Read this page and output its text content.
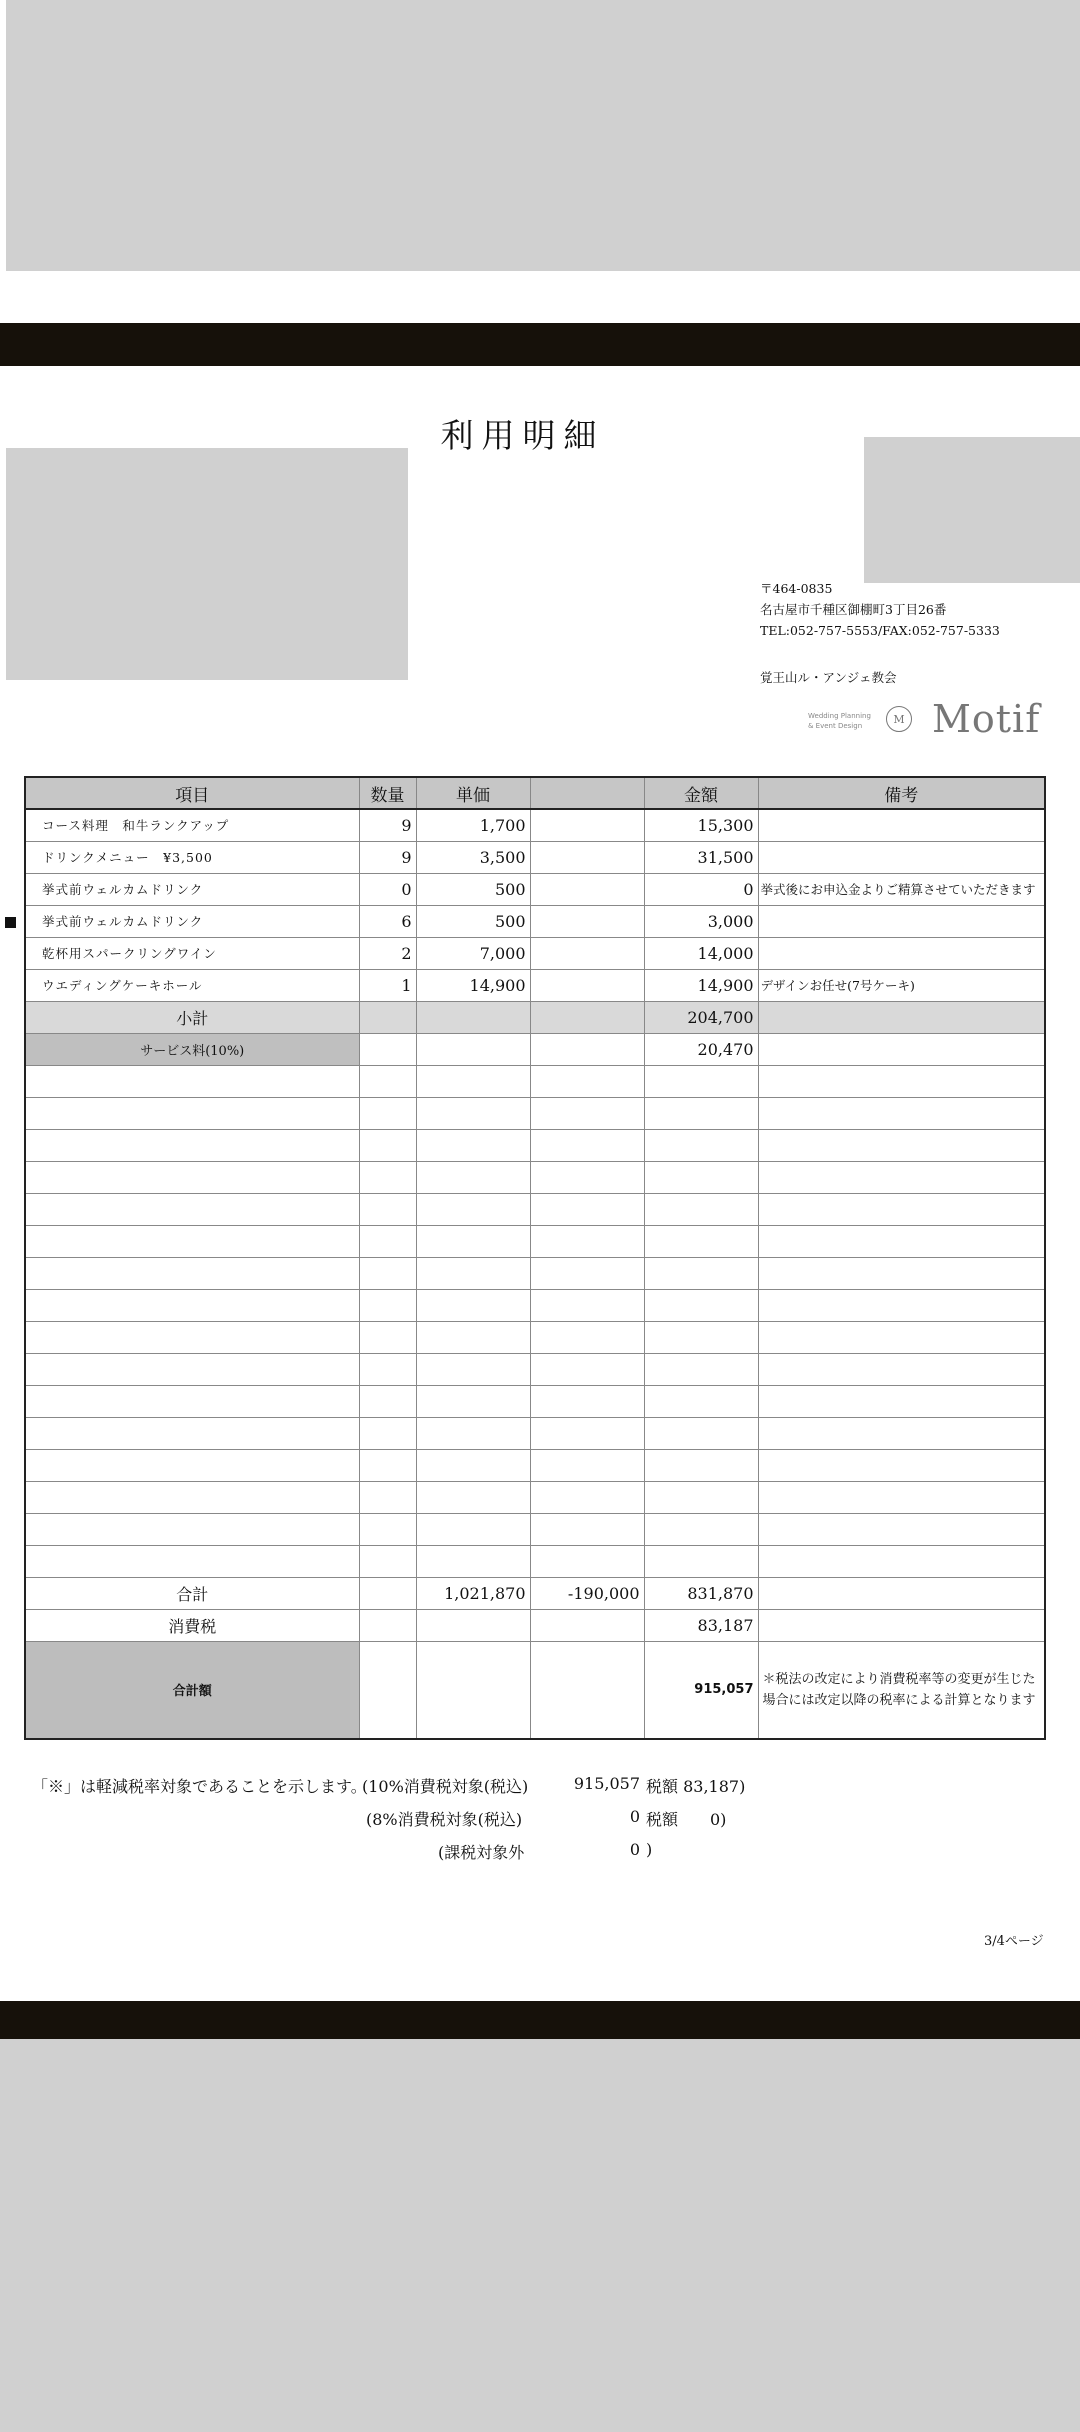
利用明細
〒464-0835
名古屋市千種区御棚町3丁目26番
TEL:052-757-5553/FAX:052-757-5333
覚王山ル・アンジェ教会
Wedding Planning
& Event Design	M Motif
項目	数量	単価		金額	備考
コース料理　和牛ランクアップ	9	1,700		15,300	
ドリンクメニュー　¥3,500	9	3,500		31,500	
挙式前ウェルカムドリンク	0	500		0	挙式後にお申込金よりご精算させていただきます
挙式前ウェルカムドリンク	6	500		3,000	
乾杯用スパークリングワイン	2	7,000		14,000	
ウエディングケーキホール	1	14,900		14,900	デザインお任せ(7号ケーキ)
小計				204,700	
サービス料(10%)				20,470	

合計		1,021,870	-190,000	831,870	
消費税				83,187	
合計額				915,057	＊税法の改定により消費税率等の変更が生じた場合には改定以降の税率による計算となります
「※」は軽減税率対象であることを示します。
(10%消費税対象(税込)	915,057 税額 83,187)
(8%消費税対象(税込)	0 税額　　0)
(課税対象外	0 )
3/4ページ
